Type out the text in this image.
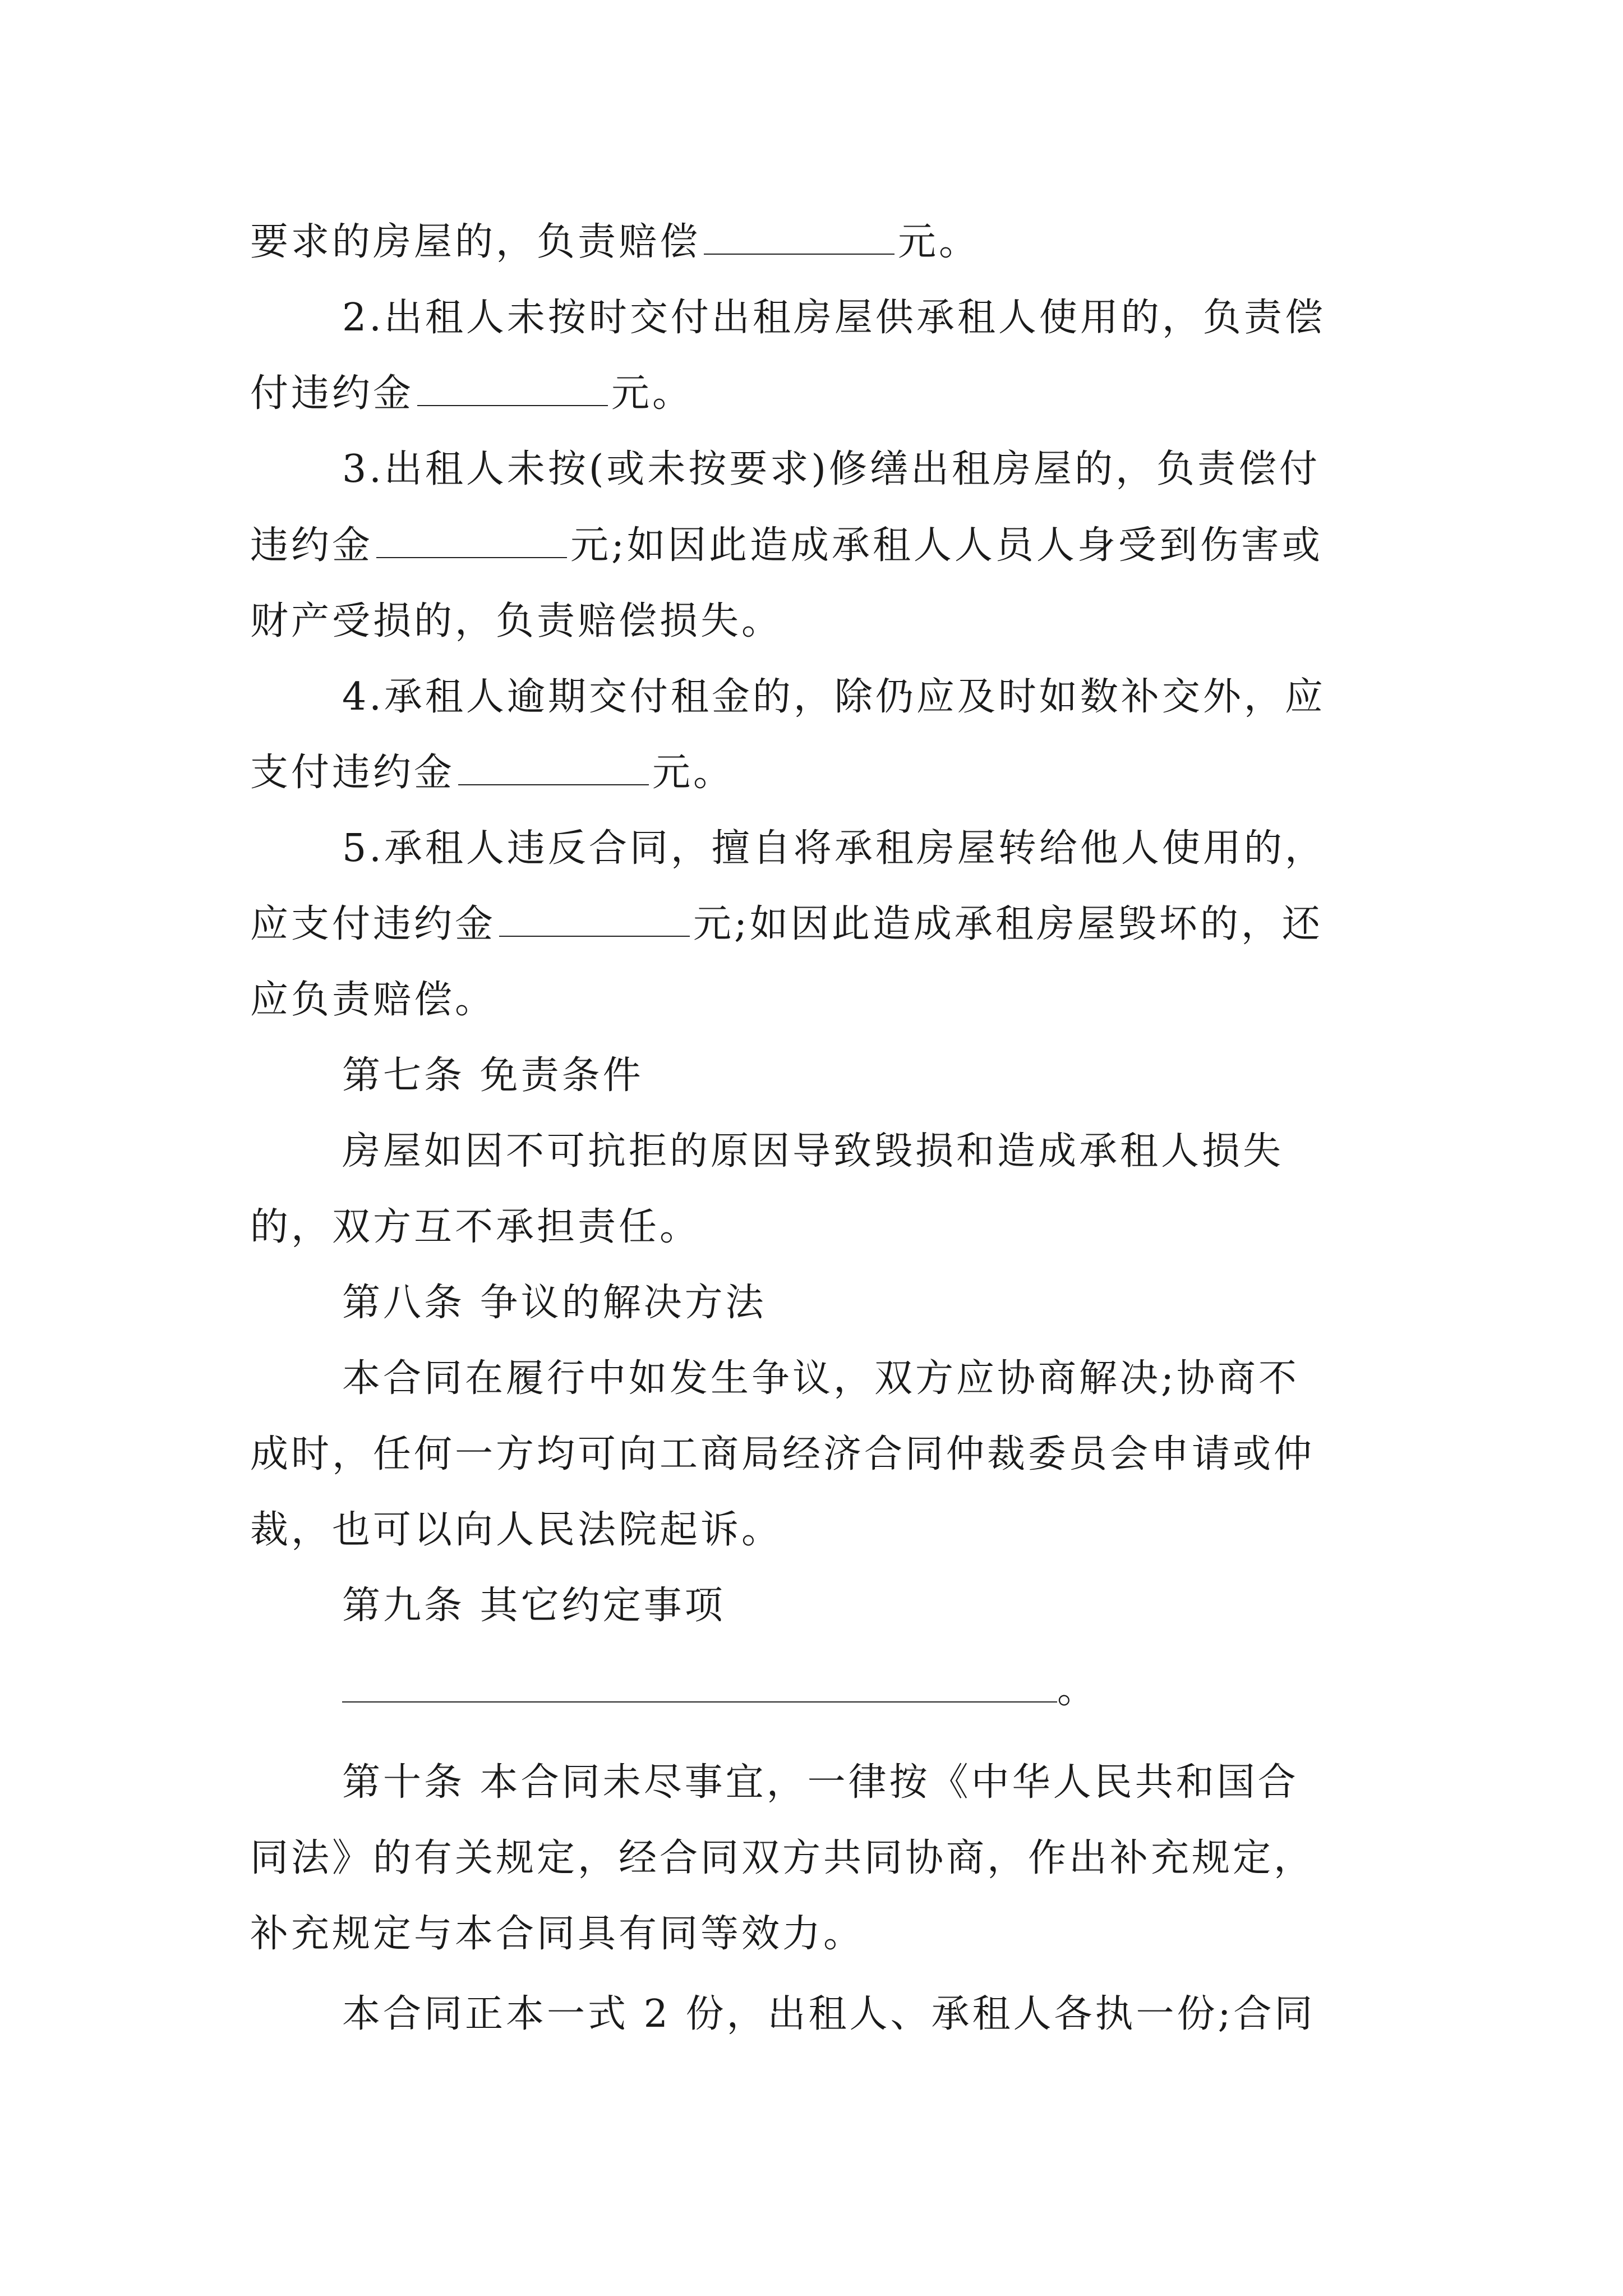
要求的房屋的，负责赔偿	元。
2.出租人未按时交付出租房屋供承租人使用的，负责偿
付违约金	元。
3.出租人未按(或未按要求)修缮出租房屋的，负责偿付
违约金	元;如因此造成承租人人员人身受到伤害或
财产受损的，负责赔偿损失。
4.承租人逾期交付租金的，除仍应及时如数补交外，应
支付违约金	元。
5.承租人违反合同，擅自将承租房屋转给他人使用的，
应支付违约金	元;如因此造成承租房屋毁坏的，还
应负责赔偿。
第七条 免责条件
房屋如因不可抗拒的原因导致毁损和造成承租人损失
的，双方互不承担责任。
第八条 争议的解决方法
本合同在履行中如发生争议，双方应协商解决;协商不
成时，任何一方均可向工商局经济合同仲裁委员会申请或仲
裁，也可以向人民法院起诉。
第九条 其它约定事项
。
第十条 本合同未尽事宜，一律按《中华人民共和国合
同法》的有关规定，经合同双方共同协商，作出补充规定，
补充规定与本合同具有同等效力。
本合同正本一式 2 份，出租人、承租人各执一份;合同
